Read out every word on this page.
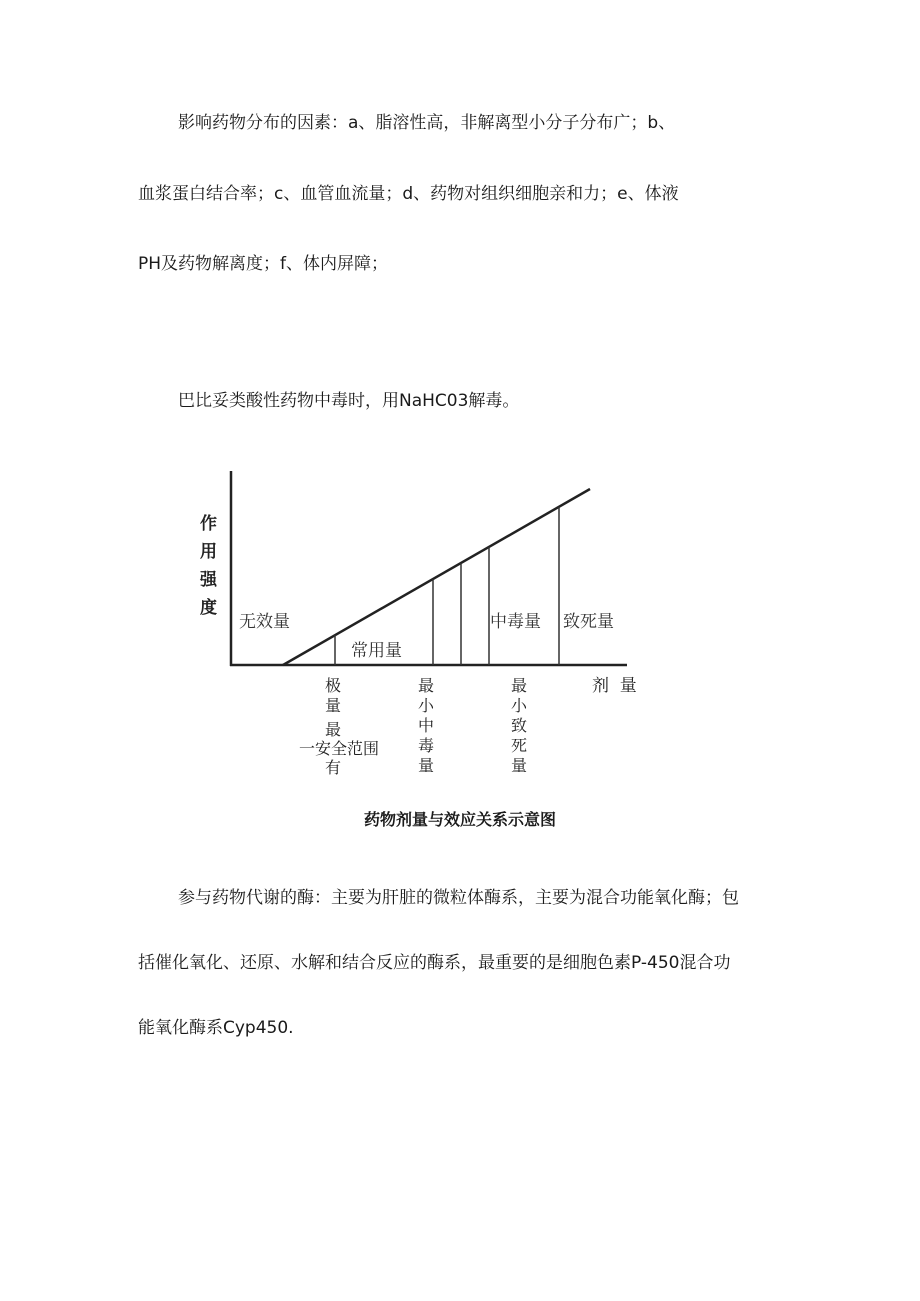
影响药物分布的因素：a、脂溶性高，非解离型小分子分布广；b、
血浆蛋白结合率；c、血管血流量；d、药物对组织细胞亲和力；e、体液
PH及药物解离度；f、体内屏障；
巴比妥类酸性药物中毒时，用NaHC03解毒。
作
用
强
度
无效量
常用量
中毒量 致死量
剂  量
极
量
最
有
一安全范围
最
小
中
毒
量
最
小
致
死
量
药物剂量与效应关系示意图
参与药物代谢的酶：主要为肝脏的微粒体酶系，主要为混合功能氧化酶；包
括催化氧化、还原、水解和结合反应的酶系，最重要的是细胞色素P-450混合功
能氧化酶系Cyp450.
